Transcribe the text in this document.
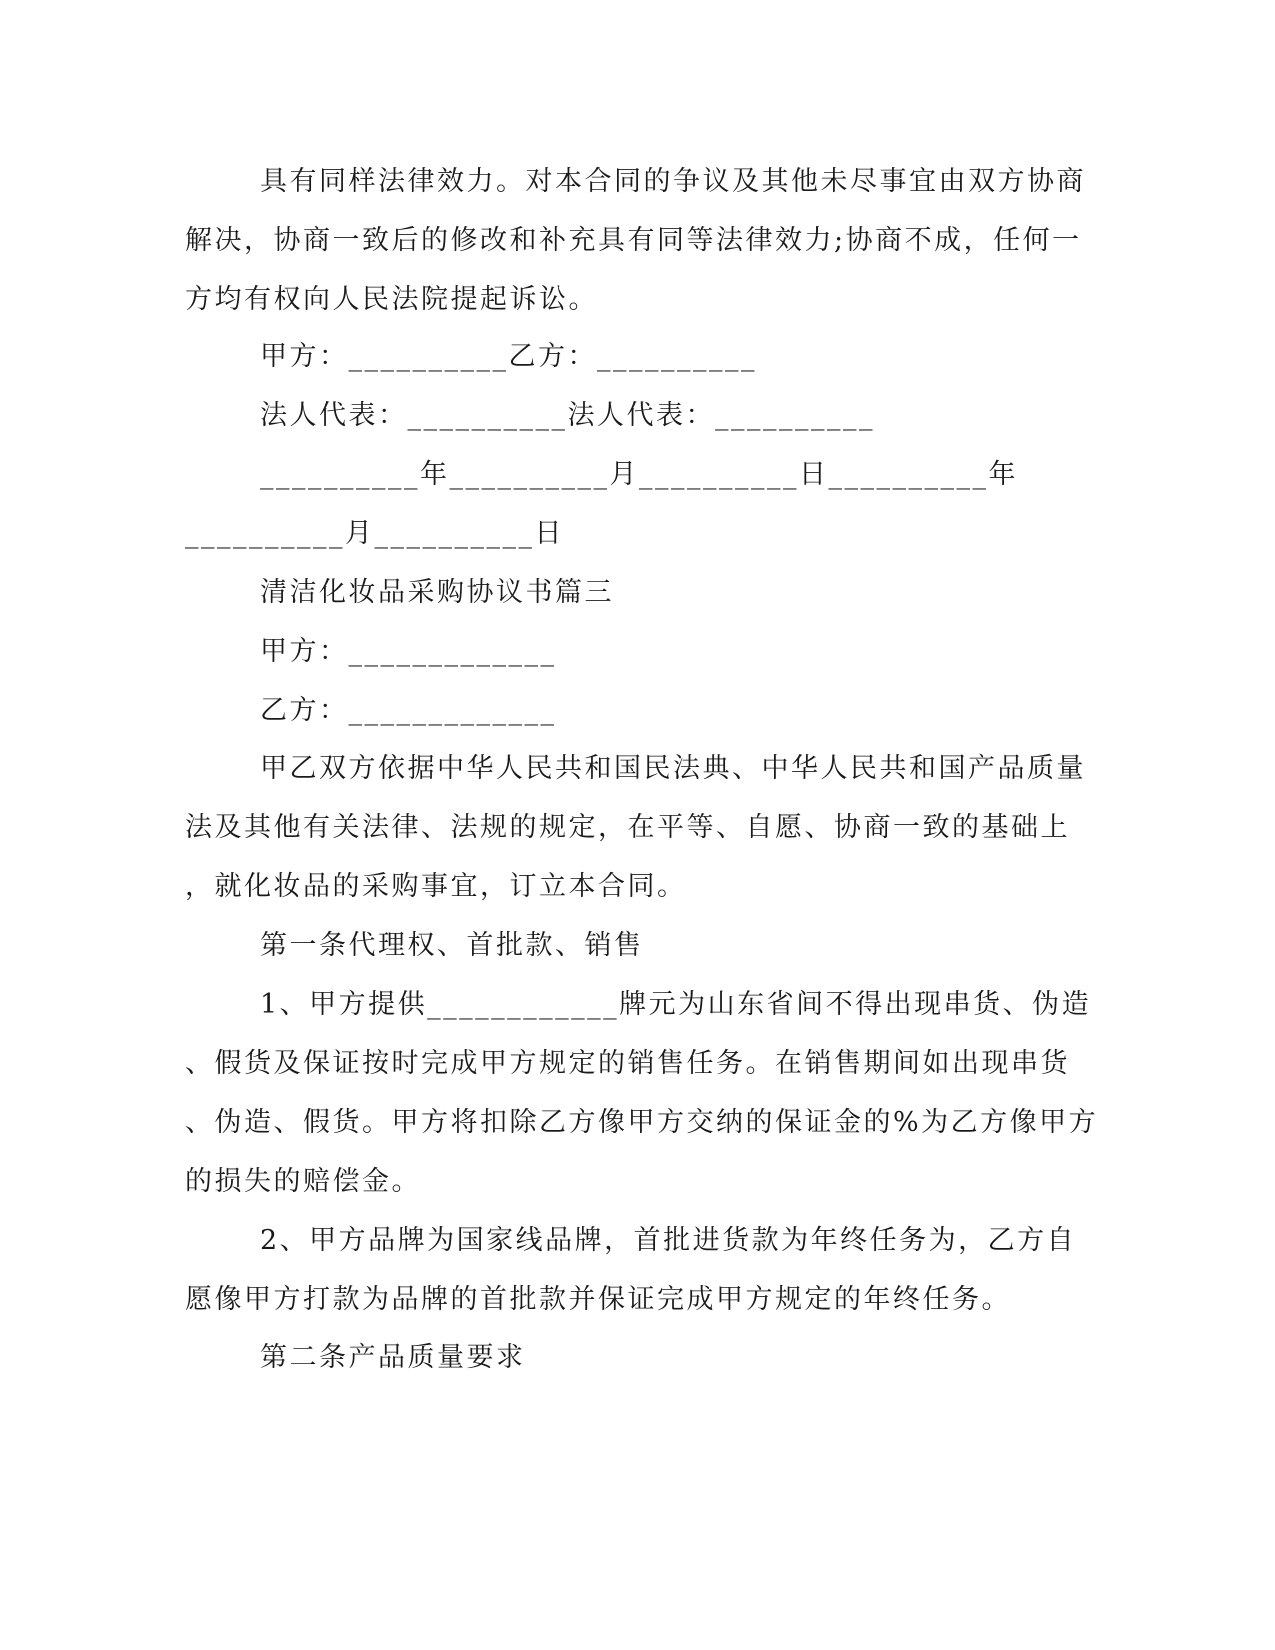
具有同样法律效力。对本合同的争议及其他未尽事宜由双方协商
解决，协商一致后的修改和补充具有同等法律效力;协商不成，任何一
方均有权向人民法院提起诉讼。
甲方：__________乙方：__________
法人代表：__________法人代表：__________
__________年__________月__________日__________年
__________月__________日
清洁化妆品采购协议书篇三
甲方：_____________
乙方：_____________
甲乙双方依据中华人民共和国民法典、中华人民共和国产品质量
法及其他有关法律、法规的规定，在平等、自愿、协商一致的基础上
，就化妆品的采购事宜，订立本合同。
第一条代理权、首批款、销售
1、甲方提供____________牌元为山东省间不得出现串货、伪造
、假货及保证按时完成甲方规定的销售任务。在销售期间如出现串货
、伪造、假货。甲方将扣除乙方像甲方交纳的保证金的%为乙方像甲方
的损失的赔偿金。
2、甲方品牌为国家线品牌，首批进货款为年终任务为，乙方自
愿像甲方打款为品牌的首批款并保证完成甲方规定的年终任务。
第二条产品质量要求
